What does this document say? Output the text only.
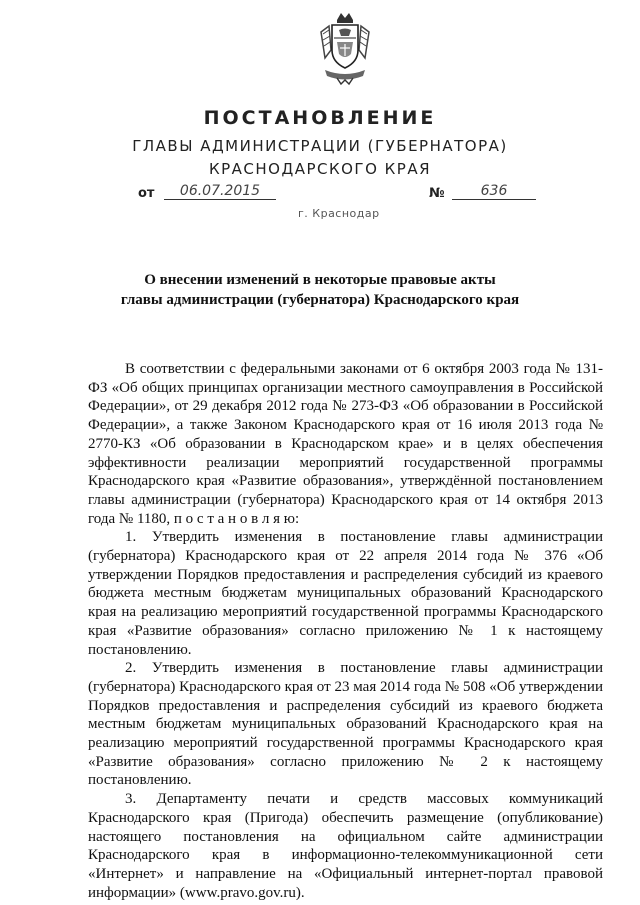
ПОСТАНОВЛЕНИЕ
ГЛАВЫ АДМИНИСТРАЦИИ (ГУБЕРНАТОРА)
КРАСНОДАРСКОГО КРАЯ
от	06.07.2015	№	636
г. Краснодар
О внесении изменений в некоторые правовые акты
главы администрации (губернатора) Краснодарского края

В соответствии с федеральными законами от 6 октября 2003 года № 131-ФЗ «Об общих принципах организации местного самоуправления в Российской Федерации», от 29 декабря 2012 года № 273-ФЗ «Об образовании в Российской Федерации», а также Законом Краснодарского края от 16 июля 2013 года № 2770-КЗ «Об образовании в Краснодарском крае» и в целях обеспечения эффективности реализации мероприятий государственной программы Краснодарского края «Развитие образования», утверждённой постановлением главы администрации (губернатора) Краснодарского края от 14 октября 2013 года № 1180, п о с т а н о в л я ю:

1. Утвердить изменения в постановление главы администрации (губернатора) Краснодарского края от 22 апреля 2014 года № 376 «Об утверждении Порядков предоставления и распределения субсидий из краевого бюджета местным бюджетам муниципальных образований Краснодарского края на реализацию мероприятий государственной программы Краснодарского края «Развитие образования» согласно приложению № 1 к настоящему постановлению.

2. Утвердить изменения в постановление главы администрации (губернатора) Краснодарского края от 23 мая 2014 года № 508 «Об утверждении Порядков предоставления и распределения субсидий из краевого бюджета местным бюджетам муниципальных образований Краснодарского края на реализацию мероприятий государственной программы Краснодарского края «Развитие образования» согласно приложению № 2 к настоящему постановлению.

3. Департаменту печати и средств массовых коммуникаций Краснодарского края (Пригода) обеспечить размещение (опубликование) настоящего постановления на официальном сайте администрации Краснодарского края в информационно-телекоммуникационной сети «Интернет» и направление на «Официальный интернет-портал правовой информации» (www.pravo.gov.ru).
